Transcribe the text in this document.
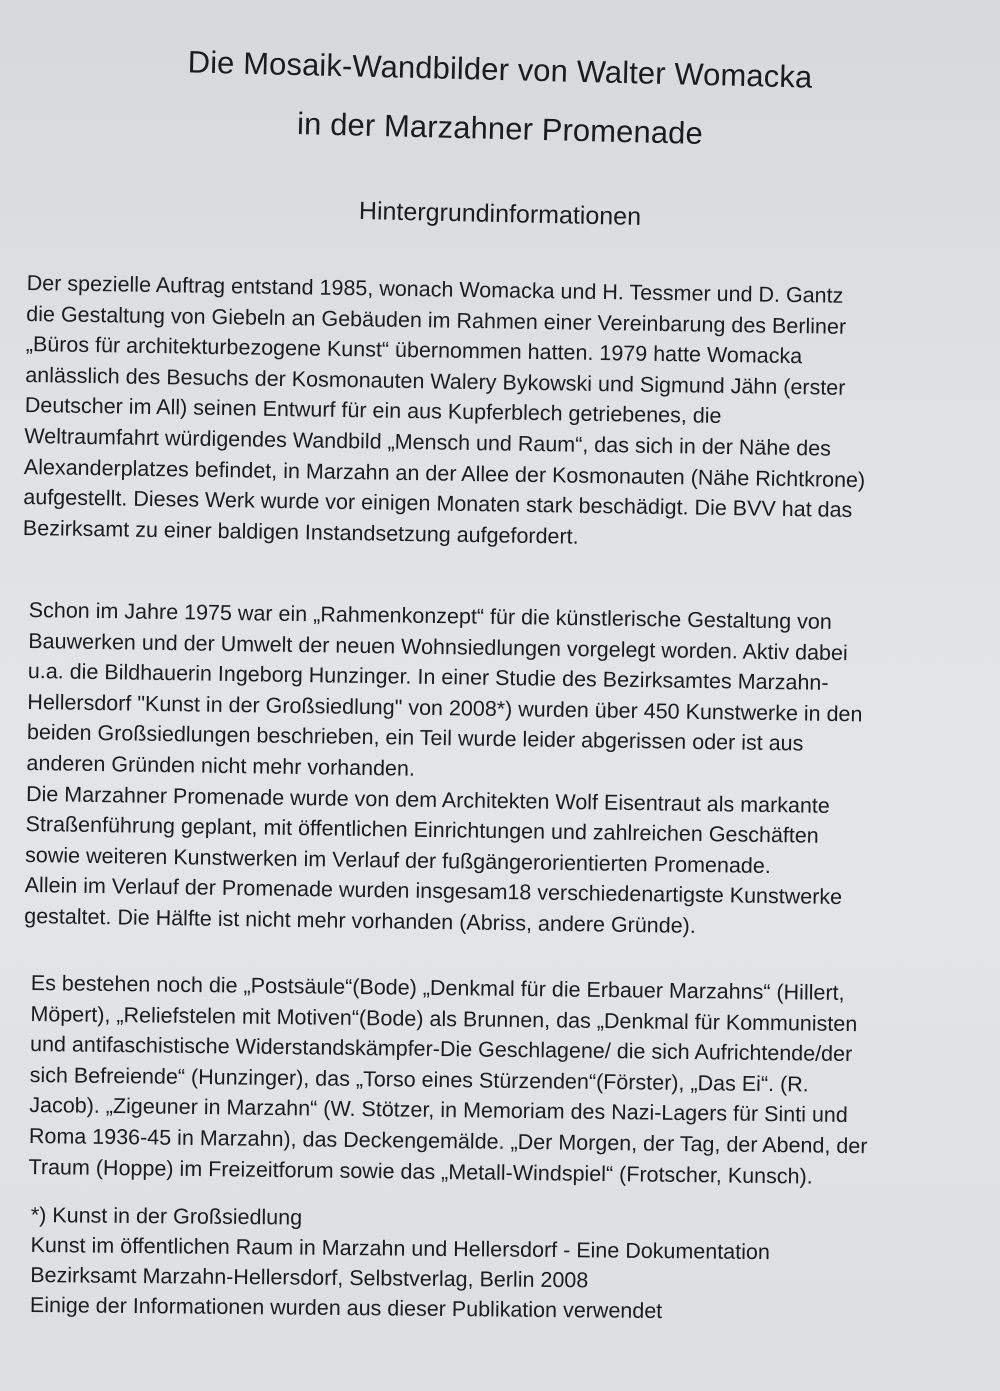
Die Mosaik-Wandbilder von Walter Womacka
in der Marzahner Promenade
Hintergrundinformationen
Der spezielle Auftrag entstand 1985, wonach Womacka und H. Tessmer und D. Gantz
die Gestaltung von Giebeln an Gebäuden im Rahmen einer Vereinbarung des Berliner
„Büros für architekturbezogene Kunst“ übernommen hatten. 1979 hatte Womacka
anlässlich des Besuchs der Kosmonauten Walery Bykowski und Sigmund Jähn (erster
Deutscher im All) seinen Entwurf für ein aus Kupferblech getriebenes, die
Weltraumfahrt würdigendes Wandbild „Mensch und Raum“, das sich in der Nähe des
Alexanderplatzes befindet, in Marzahn an der Allee der Kosmonauten (Nähe Richtkrone)
aufgestellt. Dieses Werk wurde vor einigen Monaten stark beschädigt. Die BVV hat das
Bezirksamt zu einer baldigen Instandsetzung aufgefordert.
Schon im Jahre 1975 war ein „Rahmenkonzept“ für die künstlerische Gestaltung von
Bauwerken und der Umwelt der neuen Wohnsiedlungen vorgelegt worden. Aktiv dabei
u.a. die Bildhauerin Ingeborg Hunzinger. In einer Studie des Bezirksamtes Marzahn-
Hellersdorf "Kunst in der Großsiedlung" von 2008*) wurden über 450 Kunstwerke in den
beiden Großsiedlungen beschrieben, ein Teil wurde leider abgerissen oder ist aus
anderen Gründen nicht mehr vorhanden.
Die Marzahner Promenade wurde von dem Architekten Wolf Eisentraut als markante
Straßenführung geplant, mit öffentlichen Einrichtungen und zahlreichen Geschäften
sowie weiteren Kunstwerken im Verlauf der fußgängerorientierten Promenade.
Allein im Verlauf der Promenade wurden insgesam18 verschiedenartigste Kunstwerke
gestaltet. Die Hälfte ist nicht mehr vorhanden (Abriss, andere Gründe).
Es bestehen noch die „Postsäule“(Bode) „Denkmal für die Erbauer Marzahns“ (Hillert,
Möpert), „Reliefstelen mit Motiven“(Bode) als Brunnen, das „Denkmal für Kommunisten
und antifaschistische Widerstandskämpfer-Die Geschlagene/ die sich Aufrichtende/der
sich Befreiende“ (Hunzinger), das „Torso eines Stürzenden“(Förster), „Das Ei“. (R.
Jacob). „Zigeuner in Marzahn“ (W. Stötzer, in Memoriam des Nazi-Lagers für Sinti und
Roma 1936-45 in Marzahn), das Deckengemälde. „Der Morgen, der Tag, der Abend, der
Traum (Hoppe) im Freizeitforum sowie das „Metall-Windspiel“ (Frotscher, Kunsch).
*) Kunst in der Großsiedlung
Kunst im öffentlichen Raum in Marzahn und Hellersdorf - Eine Dokumentation
Bezirksamt Marzahn-Hellersdorf, Selbstverlag, Berlin 2008
Einige der Informationen wurden aus dieser Publikation verwendet
